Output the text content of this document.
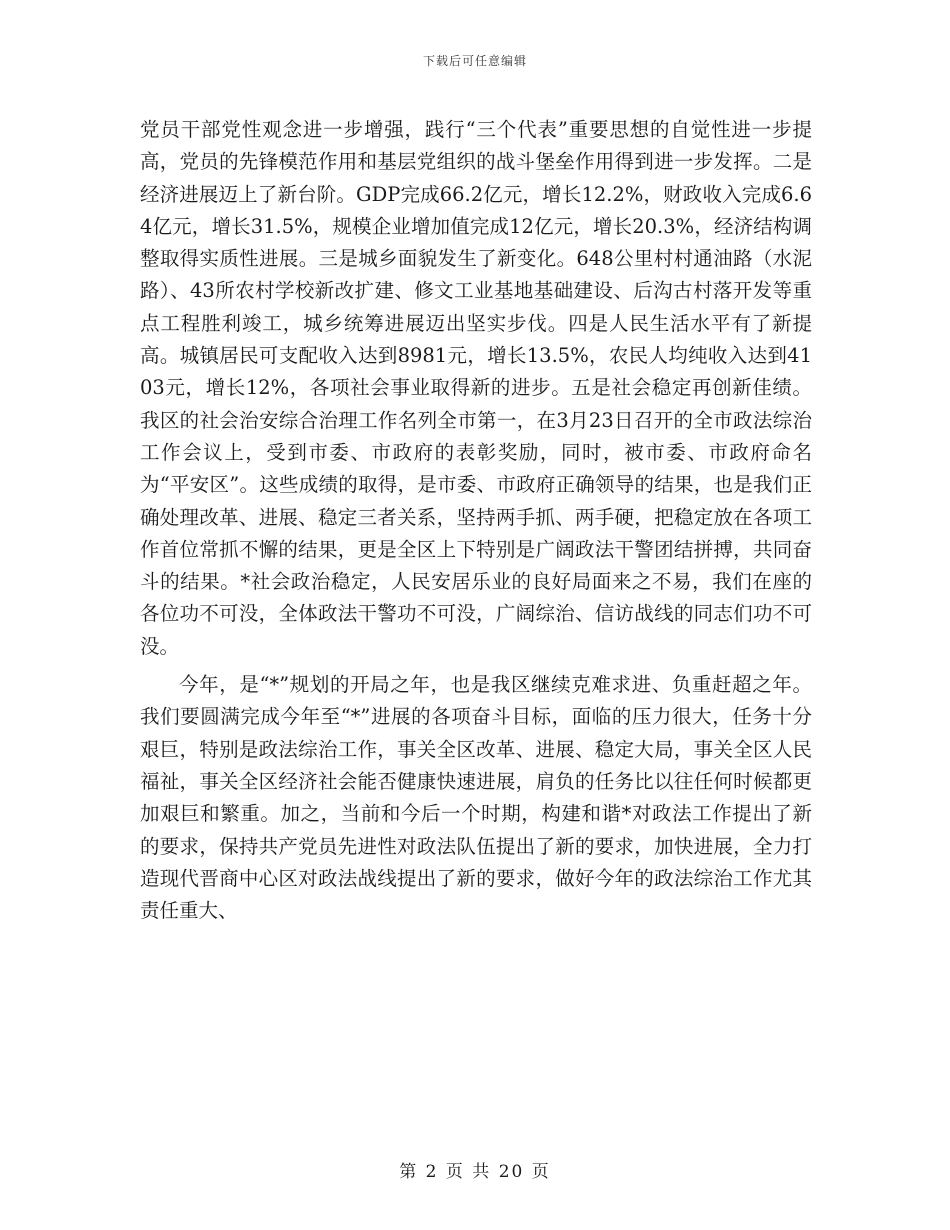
下载后可任意编辑

党员干部党性观念进一步增强，践行“三个代表”重要思想的自觉性进一步提高，党员的先锋模范作用和基层党组织的战斗堡垒作用得到进一步发挥。二是经济进展迈上了新台阶。GDP完成66.2亿元，增长12.2%，财政收入完成6.64亿元，增长31.5%，规模企业增加值完成12亿元，增长20.3%，经济结构调整取得实质性进展。三是城乡面貌发生了新变化。648公里村村通油路（水泥路）、43所农村学校新改扩建、修文工业基地基础建设、后沟古村落开发等重点工程胜利竣工，城乡统筹进展迈出坚实步伐。四是人民生活水平有了新提高。城镇居民可支配收入达到8981元，增长13.5%，农民人均纯收入达到4103元，增长12%，各项社会事业取得新的进步。五是社会稳定再创新佳绩。我区的社会治安综合治理工作名列全市第一，在3月23日召开的全市政法综治工作会议上，受到市委、市政府的表彰奖励，同时，被市委、市政府命名为“平安区”。这些成绩的取得，是市委、市政府正确领导的结果，也是我们正确处理改革、进展、稳定三者关系，坚持两手抓、两手硬，把稳定放在各项工作首位常抓不懈的结果，更是全区上下特别是广阔政法干警团结拼搏，共同奋斗的结果。*社会政治稳定，人民安居乐业的良好局面来之不易，我们在座的各位功不可没，全体政法干警功不可没，广阔综治、信访战线的同志们功不可没。

今年，是“*”规划的开局之年，也是我区继续克难求进、负重赶超之年。我们要圆满完成今年至“*”进展的各项奋斗目标，面临的压力很大，任务十分艰巨，特别是政法综治工作，事关全区改革、进展、稳定大局，事关全区人民福祉，事关全区经济社会能否健康快速进展，肩负的任务比以往任何时候都更加艰巨和繁重。加之，当前和今后一个时期，构建和谐*对政法工作提出了新的要求，保持共产党员先进性对政法队伍提出了新的要求，加快进展，全力打造现代晋商中心区对政法战线提出了新的要求，做好今年的政法综治工作尤其责任重大、

第 2 页 共 20 页
